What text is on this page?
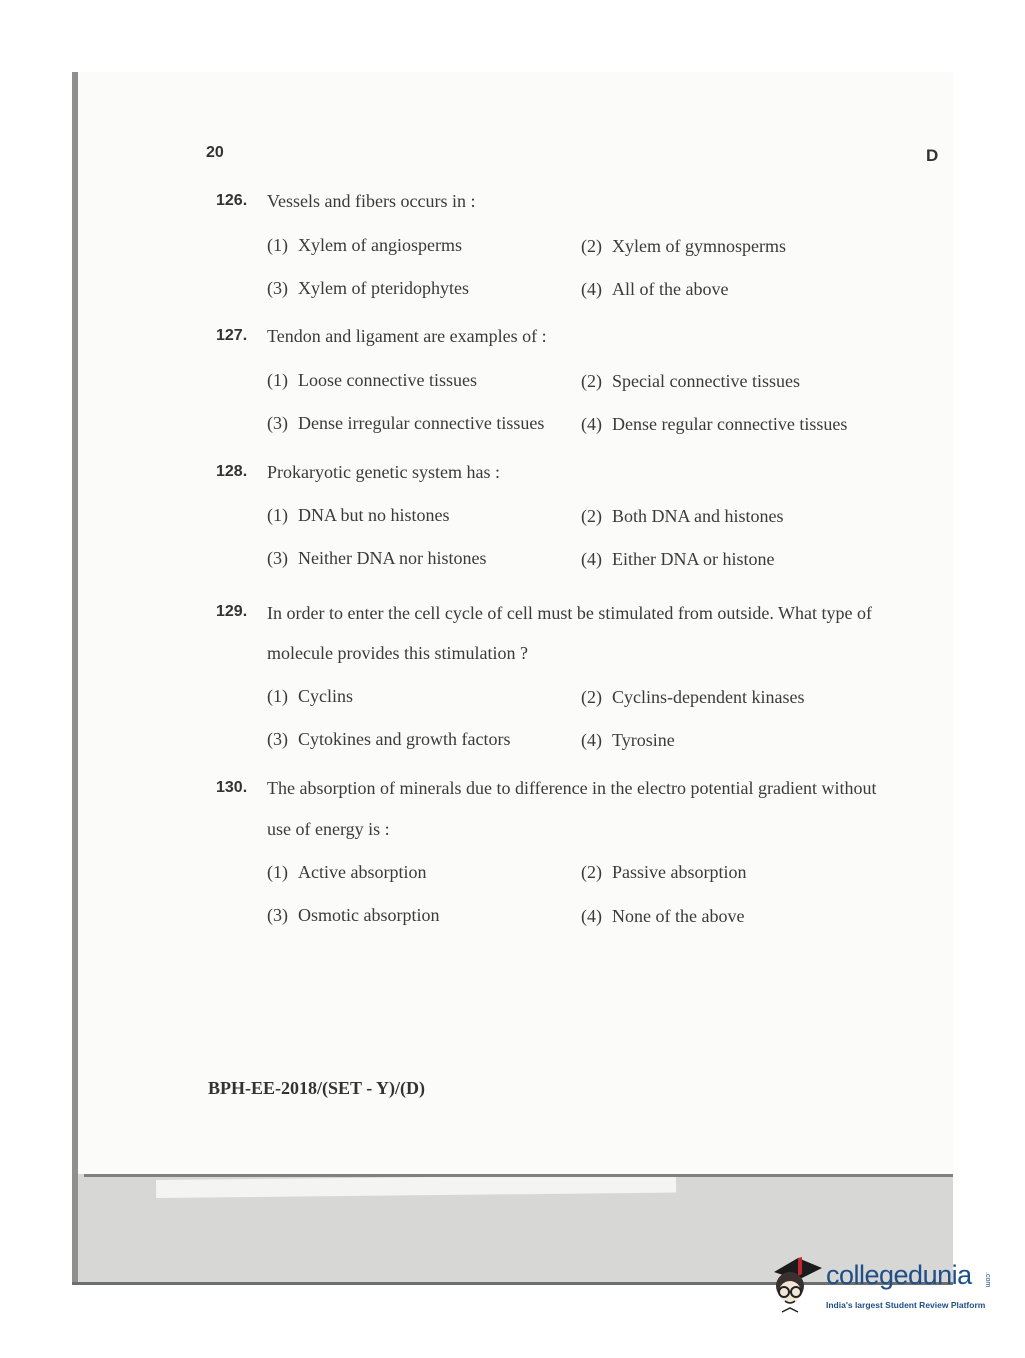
20	D
126. Vessels and fibers occurs in :
(1) Xylem of angiosperms	(2) Xylem of gymnosperms
(3) Xylem of pteridophytes	(4) All of the above
127. Tendon and ligament are examples of :
(1) Loose connective tissues	(2) Special connective tissues
(3) Dense irregular connective tissues (4) Dense regular connective tissues
128. Prokaryotic genetic system has :
(1) DNA but no histones	(2) Both DNA and histones
(3) Neither DNA nor histones	(4) Either DNA or histone
129. In order to enter the cell cycle of cell must be stimulated from outside. What type of
molecule provides this stimulation ?
(1) Cyclins	(2) Cyclins-dependent kinases
(3) Cytokines and growth factors	(4) Tyrosine
130. The absorption of minerals due to difference in the electro potential gradient without
use of energy is :
(1) Active absorption	(2) Passive absorption
(3) Osmotic absorption	(4) None of the above
BPH-EE-2018/(SET - Y)/(D)
collegedunia .com
India's largest Student Review Platform
